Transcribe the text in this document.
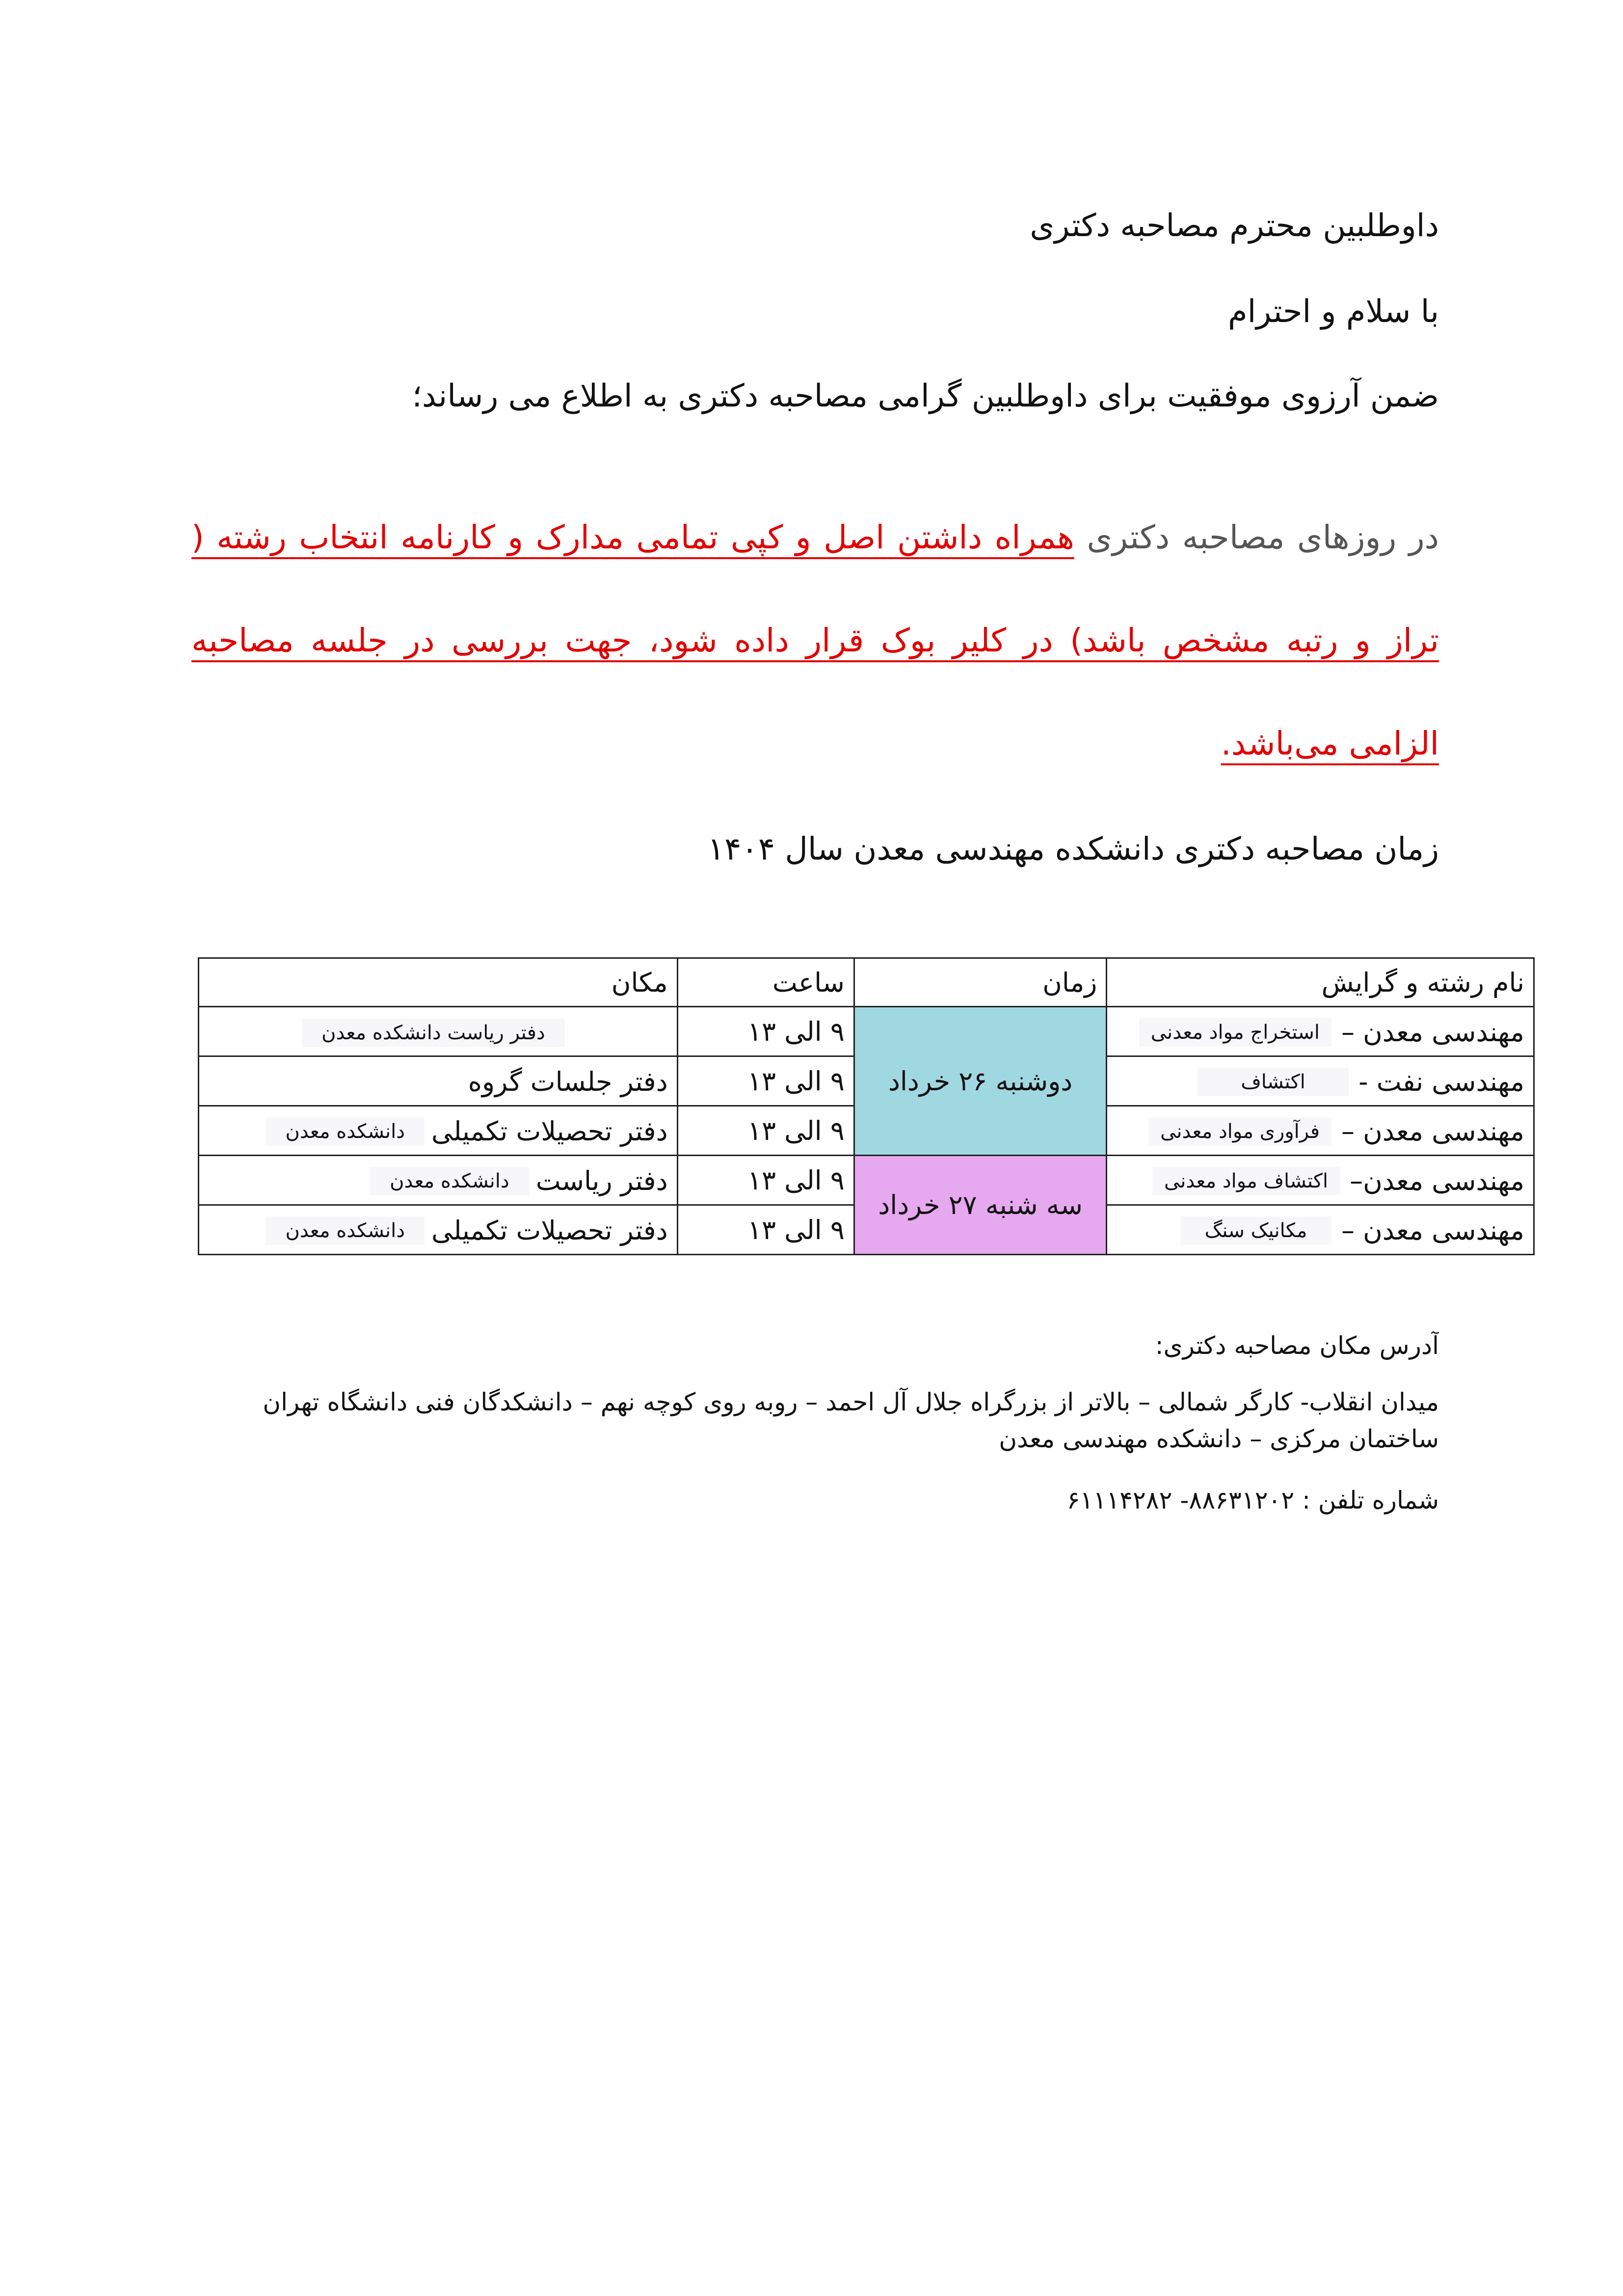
داوطلبین محترم مصاحبه دکتری
با سلام و احترام
ضمن آرزوی موفقیت برای داوطلبین گرامی مصاحبه دکتری به اطلاع می رساند؛
در روزهای مصاحبه دکتری همراه داشتن اصل و کپی تمامی مدارک و کارنامه انتخاب رشته ( تراز و رتبه مشخص باشد) در کلیر بوک قرار داده شود، جهت بررسی در جلسه مصاحبه الزامی می‌باشد.
زمان مصاحبه دکتری دانشکده مهندسی معدن سال ۱۴۰۴
نام رشته و گرایش	زمان	ساعت	مکان
مهندسی معدن –استخراج مواد معدنی	دوشنبه ۲۶ خرداد	۹ الی ۱۳	دفتر ریاست دانشکده معدن
مهندسی نفت -اکتشاف		۹ الی ۱۳	دفتر جلسات گروه
مهندسی معدن –فرآوری مواد معدنی		۹ الی ۱۳	دفتر تحصیلات تکمیلیدانشکده معدن
مهندسی معدن–اکتشاف مواد معدنی	سه شنبه ۲۷ خرداد	۹ الی ۱۳	دفتر ریاستدانشکده معدن
مهندسی معدن –مکانیک سنگ		۹ الی ۱۳	دفتر تحصیلات تکمیلیدانشکده معدن
آدرس مکان مصاحبه دکتری:
میدان انقلاب- کارگر شمالی – بالاتر از بزرگراه جلال آل احمد – روبه روی کوچه نهم – دانشکدگان فنی دانشگاه تهران
ساختمان مرکزی – دانشکده مهندسی معدن
شماره تلفن : ۸۸۶۳۱۲۰۲- ۶۱۱۱۴۲۸۲
